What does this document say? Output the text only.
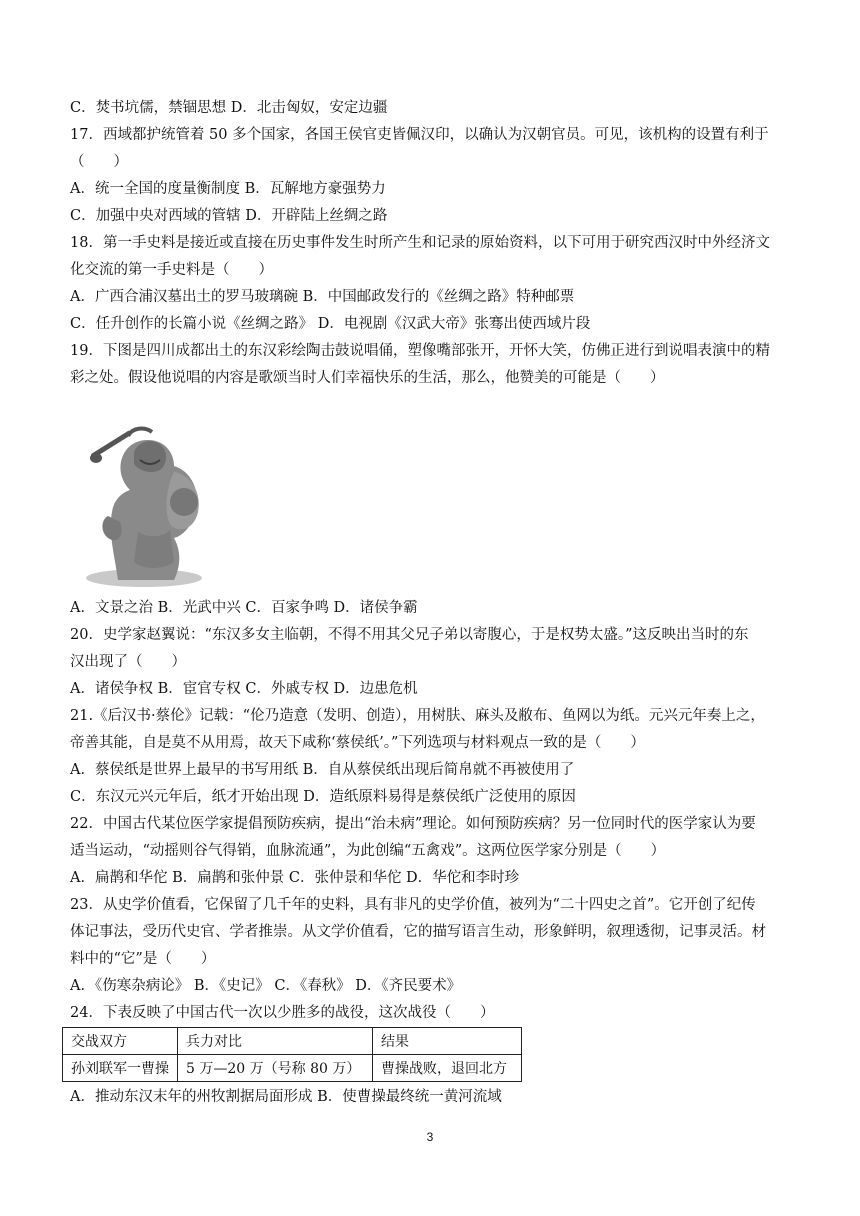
C．焚书坑儒，禁锢思想 D．北击匈奴，安定边疆
17．西域都护统管着 50 多个国家，各国王侯官吏皆佩汉印，以确认为汉朝官员。可见，该机构的设置有利于
（　　）
A．统一全国的度量衡制度 B．瓦解地方豪强势力
C．加强中央对西域的管辖 D．开辟陆上丝绸之路
18．第一手史料是接近或直接在历史事件发生时所产生和记录的原始资料，以下可用于研究西汉时中外经济文
化交流的第一手史料是（　　）
A．广西合浦汉墓出土的罗马玻璃碗 B．中国邮政发行的《丝绸之路》特种邮票
C．任升创作的长篇小说《丝绸之路》 D．电视剧《汉武大帝》张骞出使西域片段
19．下图是四川成都出土的东汉彩绘陶击鼓说唱俑，塑像嘴部张开，开怀大笑，仿佛正进行到说唱表演中的精
彩之处。假设他说唱的内容是歌颂当时人们幸福快乐的生活，那么，他赞美的可能是（　　）
A．文景之治 B．光武中兴 C．百家争鸣 D．诸侯争霸
20．史学家赵翼说：“东汉多女主临朝，不得不用其父兄子弟以寄腹心，于是权势太盛。”这反映出当时的东
汉出现了（　　）
A．诸侯争权 B．宦官专权 C．外戚专权 D．边患危机
21.《后汉书·蔡伦》记载：“伦乃造意（发明、创造），用树肤、麻头及敝布、鱼网以为纸。元兴元年奏上之，
帝善其能，自是莫不从用焉，故天下咸称‘蔡侯纸’。”下列选项与材料观点一致的是（　　）
A．蔡侯纸是世界上最早的书写用纸 B．自从蔡侯纸出现后简帛就不再被使用了
C．东汉元兴元年后，纸才开始出现 D．造纸原料易得是蔡侯纸广泛使用的原因
22．中国古代某位医学家提倡预防疾病，提出“治未病”理论。如何预防疾病？另一位同时代的医学家认为要
适当运动，“动摇则谷气得销，血脉流通”，为此创编“五禽戏”。这两位医学家分别是（　　）
A．扁鹊和华佗 B．扁鹊和张仲景 C．张仲景和华佗 D．华佗和李时珍
23．从史学价值看，它保留了几千年的史料，具有非凡的史学价值，被列为“二十四史之首”。它开创了纪传
体记事法，受历代史官、学者推崇。从文学价值看，它的描写语言生动，形象鲜明，叙理透彻，记事灵活。材
料中的“它”是（　　）
A．《伤寒杂病论》 B．《史记》 C．《春秋》 D．《齐民要术》
24．下表反映了中国古代一次以少胜多的战役，这次战役（　　）
交战双方	兵力对比	结果
孙刘联军一曹操	5 万—20 万（号称 80 万）	曹操战败，退回北方
A．推动东汉末年的州牧割据局面形成 B．使曹操最终统一黄河流域
3
